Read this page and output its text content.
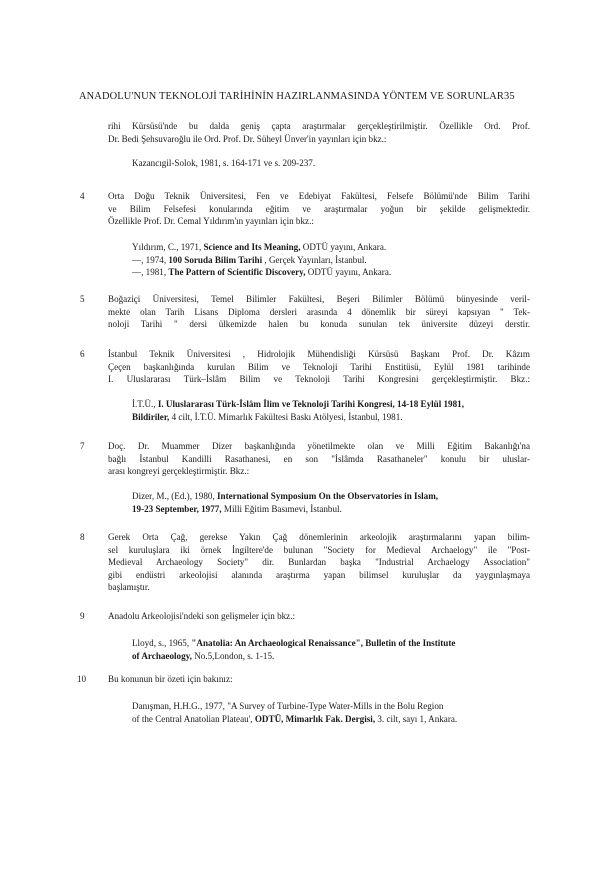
ANADOLU'NUN TEKNOLOJİ TARİHİNİN HAZIRLANMASINDA YÖNTEM VE SORUNLAR35
rihi Kürsüsü'nde bu dalda geniş çapta araştırmalar gerçekleştirilmiştir. Özellikle Ord. Prof.
Dr. Bedi Şehsuvaroğlu ile Ord. Prof. Dr. Süheyl Ünver'in yayınları için bkz.:
Kazancıgil-Solok, 1981, s. 164-171 ve s. 209-237.
4	Orta Doğu Teknik Üniversitesi, Fen ve Edebiyat Fakültesi, Felsefe Bölümü'nde Bilim Tarihi
ve Bilim Felsefesi konularında eğitim ve araştırmalar yoğun bir şekilde gelişmektedir.
Özellikle Prof. Dr. Cemal Yıldırım'ın yayınları için bkz.:
Yıldırım, C., 1971, Science and Its Meaning, ODTÜ yayını, Ankara.
—, 1974, 100 Soruda Bilim Tarihi , Gerçek Yayınları, İstanbul.
—, 1981, The Pattern of Scientific Discovery, ODTÜ yayını, Ankara.
5	Boğaziçi Üniversitesi, Temel Bilimler Fakültesi, Beşeri Bilimler Bölümü bünyesinde veril-
mekte olan Tarih Lisans Diploma dersleri arasında 4 dönemlik bir süreyi kapsıyan " Tek-
noloji Tarihi " dersi ülkemizde halen bu konuda sunulan tek üniversite düzeyi derstir.
6	İstanbul Teknik Üniversitesi , Hidrolojik Mühendisliği Kürsüsü Başkanı Prof. Dr. Kâzım
Çeçen başkanlığında kurulan Bilim ve Teknoloji Tarihi Enstitüsü, Eylül 1981 tarihinde
I. Uluslararası Türk–İslâm Bilim ve Teknoloji Tarihi Kongresini gerçekleştirmiştir. Bkz.:
İ.T.Ü., I. Uluslararası Türk-İslâm İlim ve Teknoloji Tarihi Kongresi, 14-18 Eylül 1981,
Bildiriler, 4 cilt, İ.T.Ü. Mimarlık Fakültesi Baskı Atölyesi, İstanbul, 1981.
7	Doç. Dr. Muammer Dizer başkanlığında yönetilmekte olan ve Milli Eğitim Bakanlığı'na
bağlı İstanbul Kandilli Rasathanesi, en son "İslâmda Rasathaneler" konulu bir uluslar-
arası kongreyi gerçekleştirmiştir. Bkz.:
Dizer, M., (Ed.), 1980, International Symposium On the Observatories in Islam,
19-23 September, 1977, Milli Eğitim Basımevi, İstanbul.
8	Gerek Orta Çağ, gerekse Yakın Çağ dönemlerinin arkeolojik araştırmalarını yapan bilim-
sel kuruluşlara iki örnek İngiltere'de bulunan "Society for Medieval Archaelogy" ile "Post-
Medieval Archaeology Society" dir. Bunlardan başka "Industrial Archaelogy Association"
gibi endüstri arkeolojisi alanında araştırma yapan bilimsel kuruluşlar da yaygınlaşmaya
başlamıştır.
9	Anadolu Arkeolojisi'ndeki son gelişmeler için bkz.:
Lloyd, s., 1965, "Anatolia: An Archaeological Renaissance", Bulletin of the Institute
of Archaeology, No.5,London, s. 1-15.
10	Bu konunun bir özeti için bakınız:
Danışman, H.H.G., 1977, "A Survey of Turbine-Type Water-Mills in the Bolu Region
of the Central Anatolian Plateau', ODTÜ, Mimarlık Fak. Dergisi, 3. cilt, sayı 1, Ankara.
